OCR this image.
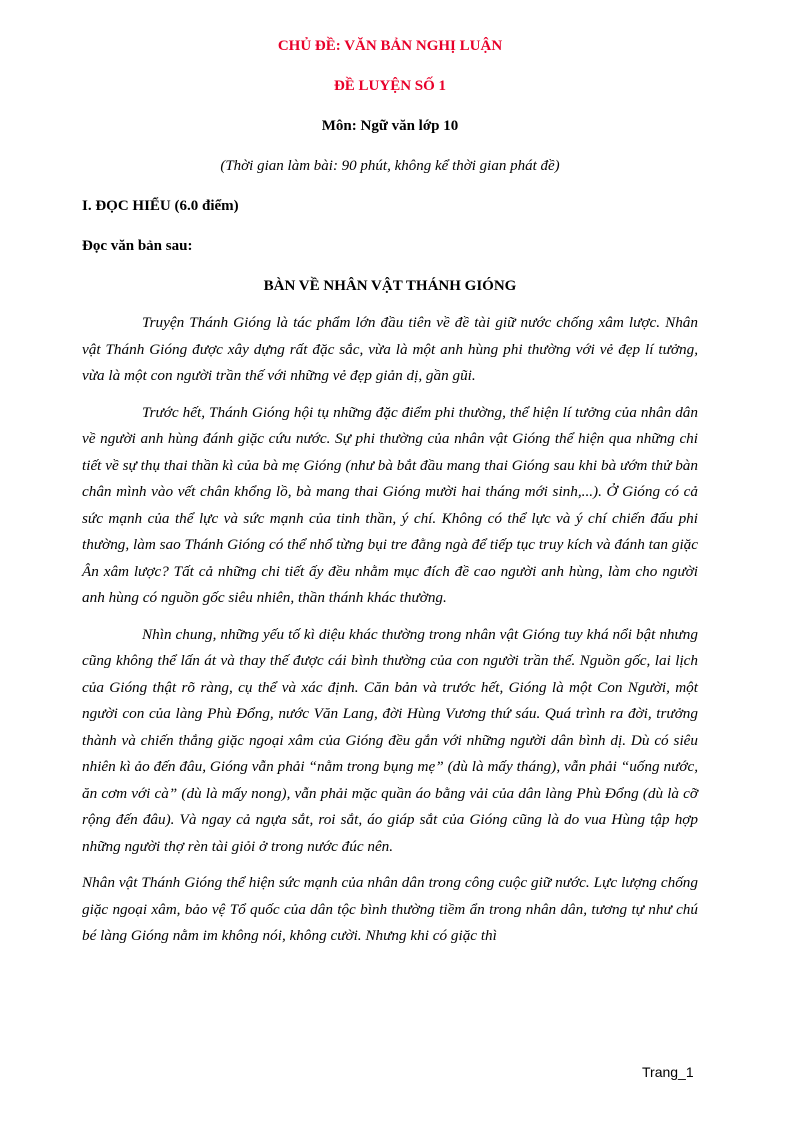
CHỦ ĐỀ: VĂN BẢN NGHỊ LUẬN
ĐỀ LUYỆN SỐ 1
Môn: Ngữ văn lớp 10
(Thời gian làm bài: 90 phút, không kể thời gian phát đề)
I. ĐỌC HIỂU (6.0 điểm)
Đọc văn bản sau:
BÀN VỀ NHÂN VẬT THÁNH GIÓNG

Truyện Thánh Gióng là tác phẩm lớn đầu tiên về đề tài giữ nước chống xâm lược. Nhân vật Thánh Gióng được xây dựng rất đặc sắc, vừa là một anh hùng phi thường với vẻ đẹp lí tưởng, vừa là một con người trần thế với những vẻ đẹp giản dị, gần gũi.

Trước hết, Thánh Gióng hội tụ những đặc điểm phi thường, thể hiện lí tưởng của nhân dân về người anh hùng đánh giặc cứu nước. Sự phi thường của nhân vật Gióng thể hiện qua những chi tiết về sự thụ thai thần kì của bà mẹ Gióng (như bà bắt đầu mang thai Gióng sau khi bà ướm thử bàn chân mình vào vết chân khổng lồ, bà mang thai Gióng mười hai tháng mới sinh,...). Ở Gióng có cả sức mạnh của thể lực và sức mạnh của tinh thần, ý chí. Không có thể lực và ý chí chiến đấu phi thường, làm sao Thánh Gióng có thể nhổ từng bụi tre đằng ngà để tiếp tục truy kích và đánh tan giặc Ân xâm lược? Tất cả những chi tiết ấy đều nhằm mục đích đề cao người anh hùng, làm cho người anh hùng có nguồn gốc siêu nhiên, thần thánh khác thường.

Nhìn chung, những yếu tố kì diệu khác thường trong nhân vật Gióng tuy khá nổi bật nhưng cũng không thể lấn át và thay thế được cái bình thường của con người trần thế. Nguồn gốc, lai lịch của Gióng thật rõ ràng, cụ thể và xác định. Căn bản và trước hết, Gióng là một Con Người, một người con của làng Phù Đổng, nước Văn Lang, đời Hùng Vương thứ sáu. Quá trình ra đời, trưởng thành và chiến thắng giặc ngoại xâm của Gióng đều gắn với những người dân bình dị. Dù có siêu nhiên kì ảo đến đâu, Gióng vẫn phải “nằm trong bụng mẹ” (dù là mấy tháng), vẫn phải “uống nước, ăn cơm với cà” (dù là mấy nong), vẫn phải mặc quần áo bằng vải của dân làng Phù Đổng (dù là cỡ rộng đến đâu). Và ngay cả ngựa sắt, roi sắt, áo giáp sắt của Gióng cũng là do vua Hùng tập hợp những người thợ rèn tài giỏi ở trong nước đúc nên.

Nhân vật Thánh Gióng thể hiện sức mạnh của nhân dân trong công cuộc giữ nước. Lực lượng chống giặc ngoại xâm, bảo vệ Tổ quốc của dân tộc bình thường tiềm ẩn trong nhân dân, tương tự như chú bé làng Gióng nằm im không nói, không cười. Nhưng khi có giặc thì

Trang_1
